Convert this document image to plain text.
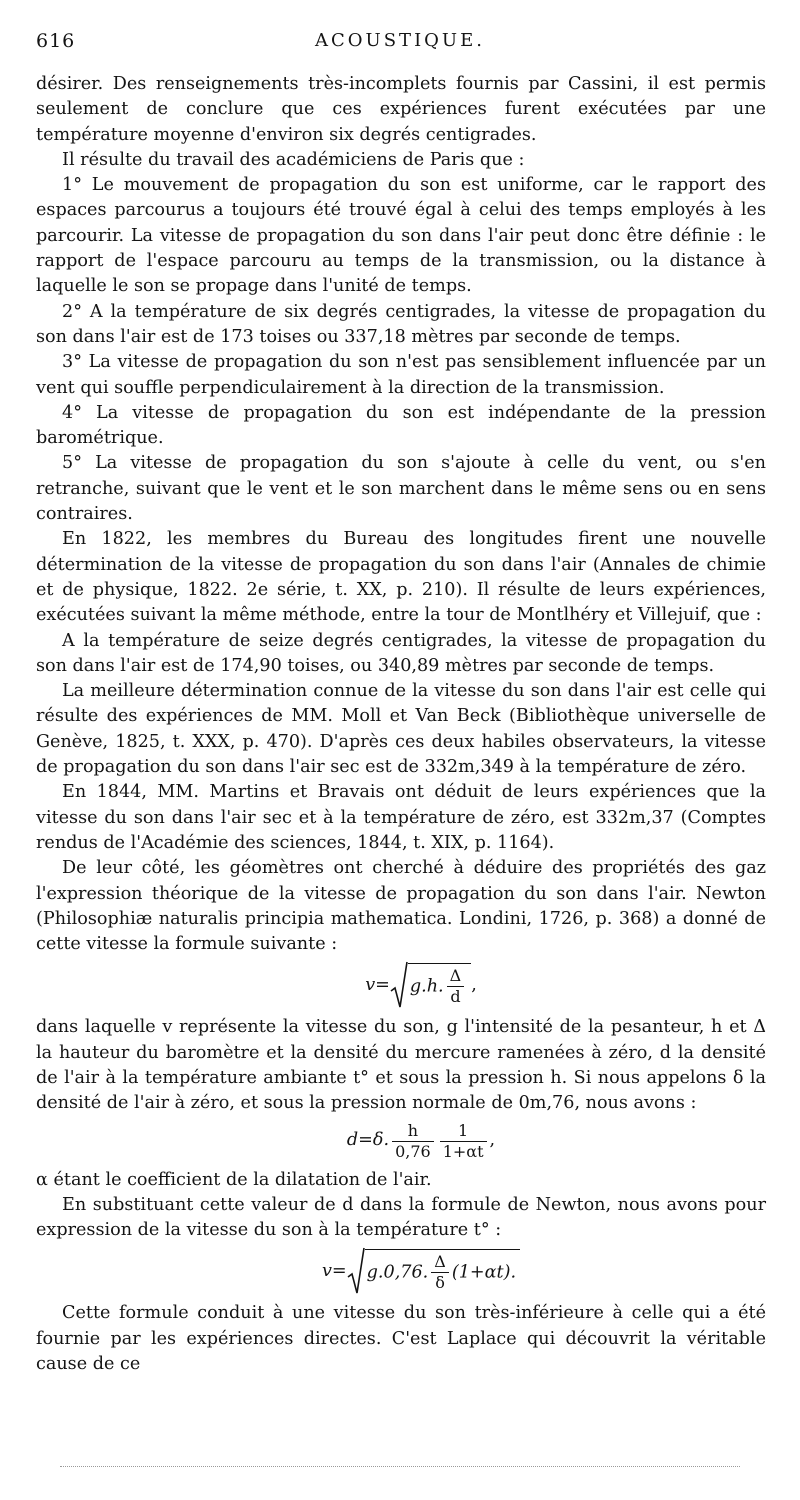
616	ACOUSTIQUE.

désirer. Des renseignements très-incomplets fournis par Cassini, il est permis seulement de conclure que ces expériences furent exécutées par une température moyenne d'environ six degrés centigrades.

Il résulte du travail des académiciens de Paris que :

1° Le mouvement de propagation du son est uniforme, car le rapport des espaces parcourus a toujours été trouvé égal à celui des temps employés à les parcourir. La vitesse de propagation du son dans l'air peut donc être définie : le rapport de l'espace parcouru au temps de la transmission, ou la distance à laquelle le son se propage dans l'unité de temps.

2° A la température de six degrés centigrades, la vitesse de propagation du son dans l'air est de 173 toises ou 337,18 mètres par seconde de temps.

3° La vitesse de propagation du son n'est pas sensiblement influencée par un vent qui souffle perpendiculairement à la direction de la transmission.

4° La vitesse de propagation du son est indépendante de la pression barométrique.

5° La vitesse de propagation du son s'ajoute à celle du vent, ou s'en retranche, suivant que le vent et le son marchent dans le même sens ou en sens contraires.

En 1822, les membres du Bureau des longitudes firent une nouvelle détermination de la vitesse de propagation du son dans l'air (Annales de chimie et de physique, 1822. 2e série, t. XX, p. 210). Il résulte de leurs expériences, exécutées suivant la même méthode, entre la tour de Montlhéry et Villejuif, que :

A la température de seize degrés centigrades, la vitesse de propagation du son dans l'air est de 174,90 toises, ou 340,89 mètres par seconde de temps.

La meilleure détermination connue de la vitesse du son dans l'air est celle qui résulte des expériences de MM. Moll et Van Beck (Bibliothèque universelle de Genève, 1825, t. XXX, p. 470). D'après ces deux habiles observateurs, la vitesse de propagation du son dans l'air sec est de 332m,349 à la température de zéro.

En 1844, MM. Martins et Bravais ont déduit de leurs expériences que la vitesse du son dans l'air sec et à la température de zéro, est 332m,37 (Comptes rendus de l'Académie des sciences, 1844, t. XIX, p. 1164).

De leur côté, les géomètres ont cherché à déduire des propriétés des gaz l'expression théorique de la vitesse de propagation du son dans l'air. Newton (Philosophiæ naturalis principia mathematica. Londini, 1726, p. 368) a donné de cette vitesse la formule suivante :

v= g.h. $\frac{\Delta}{d}$ ,

dans laquelle v représente la vitesse du son, g l'intensité de la pesanteur, h et Δ la hauteur du baromètre et la densité du mercure ramenées à zéro, d la densité de l'air à la température ambiante t° et sous la pression h. Si nous appelons δ la densité de l'air à zéro, et sous la pression normale de 0m,76, nous avons :

d=δ. $\frac{h}{0,76} \frac{1}{1+\alpha t}$ ,

α étant le coefficient de la dilatation de l'air.

En substituant cette valeur de d dans la formule de Newton, nous avons pour expression de la vitesse du son à la température t° :

v= g.0,76. $\frac{\Delta}{\delta} (1+\alpha t)$.

Cette formule conduit à une vitesse du son très-inférieure à celle qui a été fournie par les expériences directes. C'est Laplace qui découvrit la véritable cause de ce
